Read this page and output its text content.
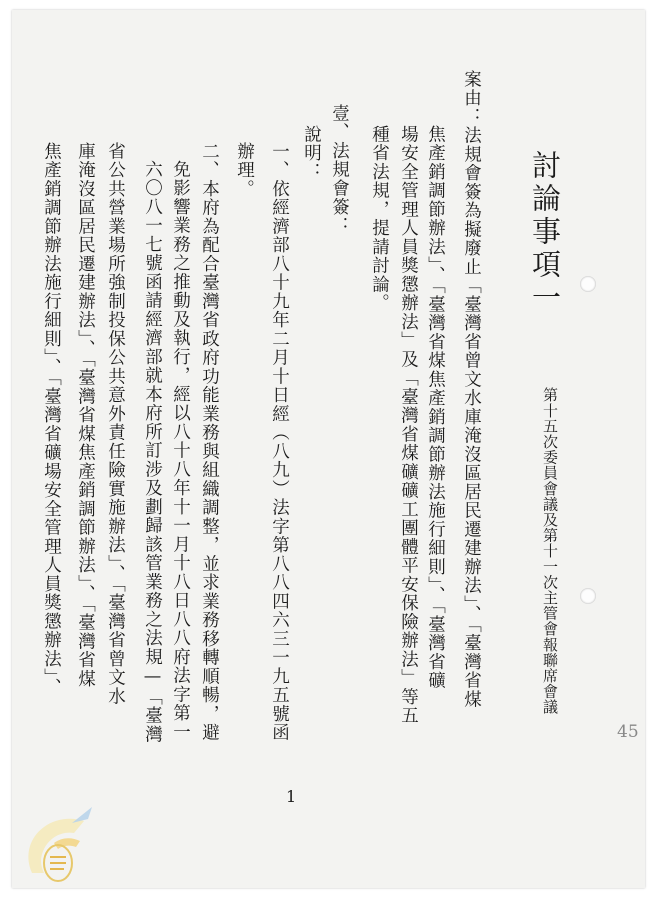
討論事項一
第十五次委員會議及第十一次主管會報聯席會議
案由：法規會簽為擬廢止「臺灣省曾文水庫淹沒區居民遷建辦法」、「臺灣省煤
焦產銷調節辦法」、「臺灣省煤焦產銷調節辦法施行細則」、「臺灣省礦
場安全管理人員獎懲辦法」及「臺灣省煤礦礦工團體平安保險辦法」等五
種省法規，提請討論。
壹、法規會簽：
說明：
一、依經濟部八十九年二月十日經（八九）法字第八八四六三一九五號函
辦理。
二、本府為配合臺灣省政府功能業務與組織調整，並求業務移轉順暢，避
免影響業務之推動及執行，經以八十八年十一月十八日八八府法字第一
六〇八一七號函請經濟部就本府所訂涉及劃歸該管業務之法規—「臺灣
省公共營業場所強制投保公共意外責任險實施辦法」、「臺灣省曾文水
庫淹沒區居民遷建辦法」、「臺灣省煤焦產銷調節辦法」、「臺灣省煤
焦產銷調節辦法施行細則」、「臺灣省礦場安全管理人員獎懲辦法」、
45
1
